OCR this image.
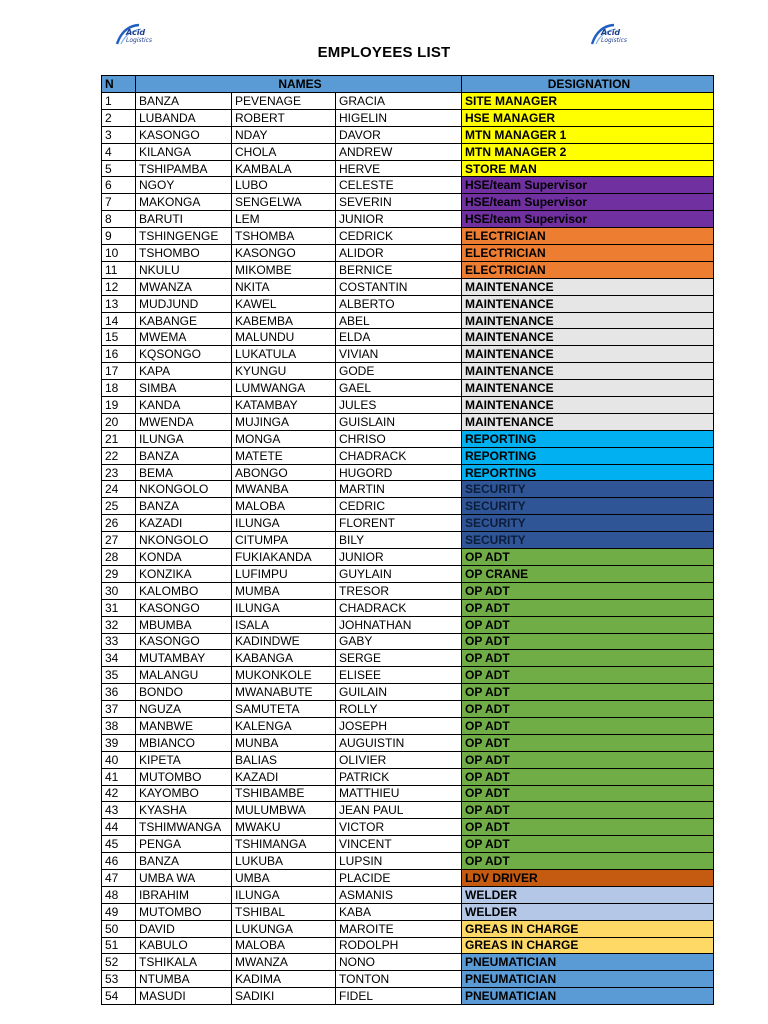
Acid
Logistics
Acid
Logistics
EMPLOYEES LIST
N	NAMES			DESIGNATION
1	BANZA	PEVENAGE	GRACIA	SITE MANAGER
2	LUBANDA	ROBERT	HIGELIN	HSE MANAGER
3	KASONGO	NDAY	DAVOR	MTN MANAGER 1
4	KILANGA	CHOLA	ANDREW	MTN MANAGER 2
5	TSHIPAMBA	KAMBALA	HERVE	STORE MAN
6	NGOY	LUBO	CELESTE	HSE/team Supervisor
7	MAKONGA	SENGELWA	SEVERIN	HSE/team Supervisor
8	BARUTI	LEM	JUNIOR	HSE/team Supervisor
9	TSHINGENGE	TSHOMBA	CEDRICK	ELECTRICIAN
10	TSHOMBO	KASONGO	ALIDOR	ELECTRICIAN
11	NKULU	MIKOMBE	BERNICE	ELECTRICIAN
12	MWANZA	NKITA	COSTANTIN	MAINTENANCE
13	MUDJUND	KAWEL	ALBERTO	MAINTENANCE
14	KABANGE	KABEMBA	ABEL	MAINTENANCE
15	MWEMA	MALUNDU	ELDA	MAINTENANCE
16	KQSONGO	LUKATULA	VIVIAN	MAINTENANCE
17	KAPA	KYUNGU	GODE	MAINTENANCE
18	SIMBA	LUMWANGA	GAEL	MAINTENANCE
19	KANDA	KATAMBAY	JULES	MAINTENANCE
20	MWENDA	MUJINGA	GUISLAIN	MAINTENANCE
21	ILUNGA	MONGA	CHRISO	REPORTING
22	BANZA	MATETE	CHADRACK	REPORTING
23	BEMA	ABONGO	HUGORD	REPORTING
24	NKONGOLO	MWANBA	MARTIN	SECURITY
25	BANZA	MALOBA	CEDRIC	SECURITY
26	KAZADI	ILUNGA	FLORENT	SECURITY
27	NKONGOLO	CITUMPA	BILY	SECURITY
28	KONDA	FUKIAKANDA	JUNIOR	OP ADT
29	KONZIKA	LUFIMPU	GUYLAIN	OP CRANE
30	KALOMBO	MUMBA	TRESOR	OP ADT
31	KASONGO	ILUNGA	CHADRACK	OP ADT
32	MBUMBA	ISALA	JOHNATHAN	OP ADT
33	KASONGO	KADINDWE	GABY	OP ADT
34	MUTAMBAY	KABANGA	SERGE	OP ADT
35	MALANGU	MUKONKOLE	ELISEE	OP ADT
36	BONDO	MWANABUTE	GUILAIN	OP ADT
37	NGUZA	SAMUTETA	ROLLY	OP ADT
38	MANBWE	KALENGA	JOSEPH	OP ADT
39	MBIANCO	MUNBA	AUGUISTIN	OP ADT
40	KIPETA	BALIAS	OLIVIER	OP ADT
41	MUTOMBO	KAZADI	PATRICK	OP ADT
42	KAYOMBO	TSHIBAMBE	MATTHIEU	OP ADT
43	KYASHA	MULUMBWA	JEAN PAUL	OP ADT
44	TSHIMWANGA	MWAKU	VICTOR	OP ADT
45	PENGA	TSHIMANGA	VINCENT	OP ADT
46	BANZA	LUKUBA	LUPSIN	OP ADT
47	UMBA WA	UMBA	PLACIDE	LDV DRIVER
48	IBRAHIM	ILUNGA	ASMANIS	WELDER
49	MUTOMBO	TSHIBAL	KABA	WELDER
50	DAVID	LUKUNGA	MAROITE	GREAS IN CHARGE
51	KABULO	MALOBA	RODOLPH	GREAS IN CHARGE
52	TSHIKALA	MWANZA	NONO	PNEUMATICIAN
53	NTUMBA	KADIMA	TONTON	PNEUMATICIAN
54	MASUDI	SADIKI	FIDEL	PNEUMATICIAN
